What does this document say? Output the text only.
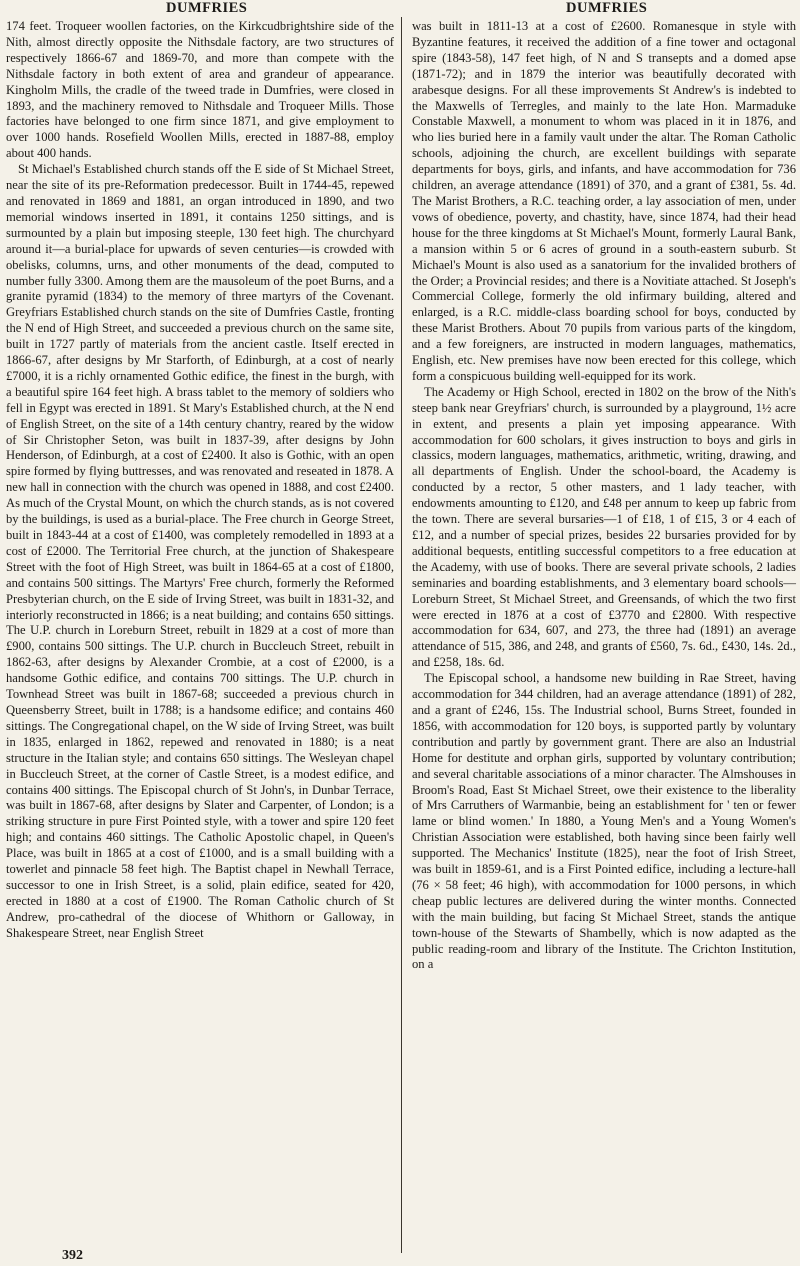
DUMFRIES	DUMFRIES

174 feet. Troqueer woollen factories, on the Kirkcudbrightshire side of the Nith, almost directly opposite the Nithsdale factory, are two structures of respectively 1866-67 and 1869-70, and more than compete with the Nithsdale factory in both extent of area and grandeur of appearance. Kingholm Mills, the cradle of the tweed trade in Dumfries, were closed in 1893, and the machinery removed to Nithsdale and Troqueer Mills. Those factories have belonged to one firm since 1871, and give employment to over 1000 hands. Rosefield Woollen Mills, erected in 1887-88, employ about 400 hands.

St Michael's Established church stands off the E side of St Michael Street, near the site of its pre-Reformation predecessor. Built in 1744-45, repewed and renovated in 1869 and 1881, an organ introduced in 1890, and two memorial windows inserted in 1891, it contains 1250 sittings, and is surmounted by a plain but imposing steeple, 130 feet high. The churchyard around it—a burial-place for upwards of seven centuries—is crowded with obelisks, columns, urns, and other monuments of the dead, computed to number fully 3300. Among them are the mausoleum of the poet Burns, and a granite pyramid (1834) to the memory of three martyrs of the Covenant. Greyfriars Established church stands on the site of Dumfries Castle, fronting the N end of High Street, and succeeded a previous church on the same site, built in 1727 partly of materials from the ancient castle. Itself erected in 1866-67, after designs by Mr Starforth, of Edinburgh, at a cost of nearly £7000, it is a richly ornamented Gothic edifice, the finest in the burgh, with a beautiful spire 164 feet high. A brass tablet to the memory of soldiers who fell in Egypt was erected in 1891. St Mary's Established church, at the N end of English Street, on the site of a 14th century chantry, reared by the widow of Sir Christopher Seton, was built in 1837-39, after designs by John Henderson, of Edinburgh, at a cost of £2400. It also is Gothic, with an open spire formed by flying buttresses, and was renovated and reseated in 1878. A new hall in connection with the church was opened in 1888, and cost £2400. As much of the Crystal Mount, on which the church stands, as is not covered by the buildings, is used as a burial-place. The Free church in George Street, built in 1843-44 at a cost of £1400, was completely remodelled in 1893 at a cost of £2000. The Territorial Free church, at the junction of Shakespeare Street with the foot of High Street, was built in 1864-65 at a cost of £1800, and contains 500 sittings. The Martyrs' Free church, formerly the Reformed Presbyterian church, on the E side of Irving Street, was built in 1831-32, and interiorly reconstructed in 1866; is a neat building; and contains 650 sittings. The U.P. church in Loreburn Street, rebuilt in 1829 at a cost of more than £900, contains 500 sittings. The U.P. church in Buccleuch Street, rebuilt in 1862-63, after designs by Alexander Crombie, at a cost of £2000, is a handsome Gothic edifice, and contains 700 sittings. The U.P. church in Townhead Street was built in 1867-68; succeeded a previous church in Queensberry Street, built in 1788; is a handsome edifice; and contains 460 sittings. The Congregational chapel, on the W side of Irving Street, was built in 1835, enlarged in 1862, repewed and renovated in 1880; is a neat structure in the Italian style; and contains 650 sittings. The Wesleyan chapel in Buccleuch Street, at the corner of Castle Street, is a modest edifice, and contains 400 sittings. The Episcopal church of St John's, in Dunbar Terrace, was built in 1867-68, after designs by Slater and Carpenter, of London; is a striking structure in pure First Pointed style, with a tower and spire 120 feet high; and contains 460 sittings. The Catholic Apostolic chapel, in Queen's Place, was built in 1865 at a cost of £1000, and is a small building with a towerlet and pinnacle 58 feet high. The Baptist chapel in Newhall Terrace, successor to one in Irish Street, is a solid, plain edifice, seated for 420, erected in 1880 at a cost of £1900. The Roman Catholic church of St Andrew, pro-cathedral of the diocese of Whithorn or Galloway, in Shakespeare Street, near English Street

was built in 1811-13 at a cost of £2600. Romanesque in style with Byzantine features, it received the addition of a fine tower and octagonal spire (1843-58), 147 feet high, of N and S transepts and a domed apse (1871-72); and in 1879 the interior was beautifully decorated with arabesque designs. For all these improvements St Andrew's is indebted to the Maxwells of Terregles, and mainly to the late Hon. Marmaduke Constable Maxwell, a monument to whom was placed in it in 1876, and who lies buried here in a family vault under the altar. The Roman Catholic schools, adjoining the church, are excellent buildings with separate departments for boys, girls, and infants, and have accommodation for 736 children, an average attendance (1891) of 370, and a grant of £381, 5s. 4d. The Marist Brothers, a R.C. teaching order, a lay association of men, under vows of obedience, poverty, and chastity, have, since 1874, had their head house for the three kingdoms at St Michael's Mount, formerly Laural Bank, a mansion within 5 or 6 acres of ground in a south-eastern suburb. St Michael's Mount is also used as a sanatorium for the invalided brothers of the Order; a Provincial resides; and there is a Novitiate attached. St Joseph's Commercial College, formerly the old infirmary building, altered and enlarged, is a R.C. middle-class boarding school for boys, conducted by these Marist Brothers. About 70 pupils from various parts of the kingdom, and a few foreigners, are instructed in modern languages, mathematics, English, etc. New premises have now been erected for this college, which form a conspicuous building well-equipped for its work.

The Academy or High School, erected in 1802 on the brow of the Nith's steep bank near Greyfriars' church, is surrounded by a playground, 1½ acre in extent, and presents a plain yet imposing appearance. With accommodation for 600 scholars, it gives instruction to boys and girls in classics, modern languages, mathematics, arithmetic, writing, drawing, and all departments of English. Under the school-board, the Academy is conducted by a rector, 5 other masters, and 1 lady teacher, with endowments amounting to £120, and £48 per annum to keep up fabric from the town. There are several bursaries—1 of £18, 1 of £15, 3 or 4 each of £12, and a number of special prizes, besides 22 bursaries provided for by additional bequests, entitling successful competitors to a free education at the Academy, with use of books. There are several private schools, 2 ladies seminaries and boarding establishments, and 3 elementary board schools—Loreburn Street, St Michael Street, and Greensands, of which the two first were erected in 1876 at a cost of £3770 and £2800. With respective accommodation for 634, 607, and 273, the three had (1891) an average attendance of 515, 386, and 248, and grants of £560, 7s. 6d., £430, 14s. 2d., and £258, 18s. 6d.

The Episcopal school, a handsome new building in Rae Street, having accommodation for 344 children, had an average attendance (1891) of 282, and a grant of £246, 15s. The Industrial school, Burns Street, founded in 1856, with accommodation for 120 boys, is supported partly by voluntary contribution and partly by government grant. There are also an Industrial Home for destitute and orphan girls, supported by voluntary contribution; and several charitable associations of a minor character. The Almshouses in Broom's Road, East St Michael Street, owe their existence to the liberality of Mrs Carruthers of Warmanbie, being an establishment for ' ten or fewer lame or blind women.' In 1880, a Young Men's and a Young Women's Christian Association were established, both having since been fairly well supported. The Mechanics' Institute (1825), near the foot of Irish Street, was built in 1859-61, and is a First Pointed edifice, including a lecture-hall (76 × 58 feet; 46 high), with accommodation for 1000 persons, in which cheap public lectures are delivered during the winter months. Connected with the main building, but facing St Michael Street, stands the antique town-house of the Stewarts of Shambelly, which is now adapted as the public reading-room and library of the Institute. The Crichton Institution, on a

392
